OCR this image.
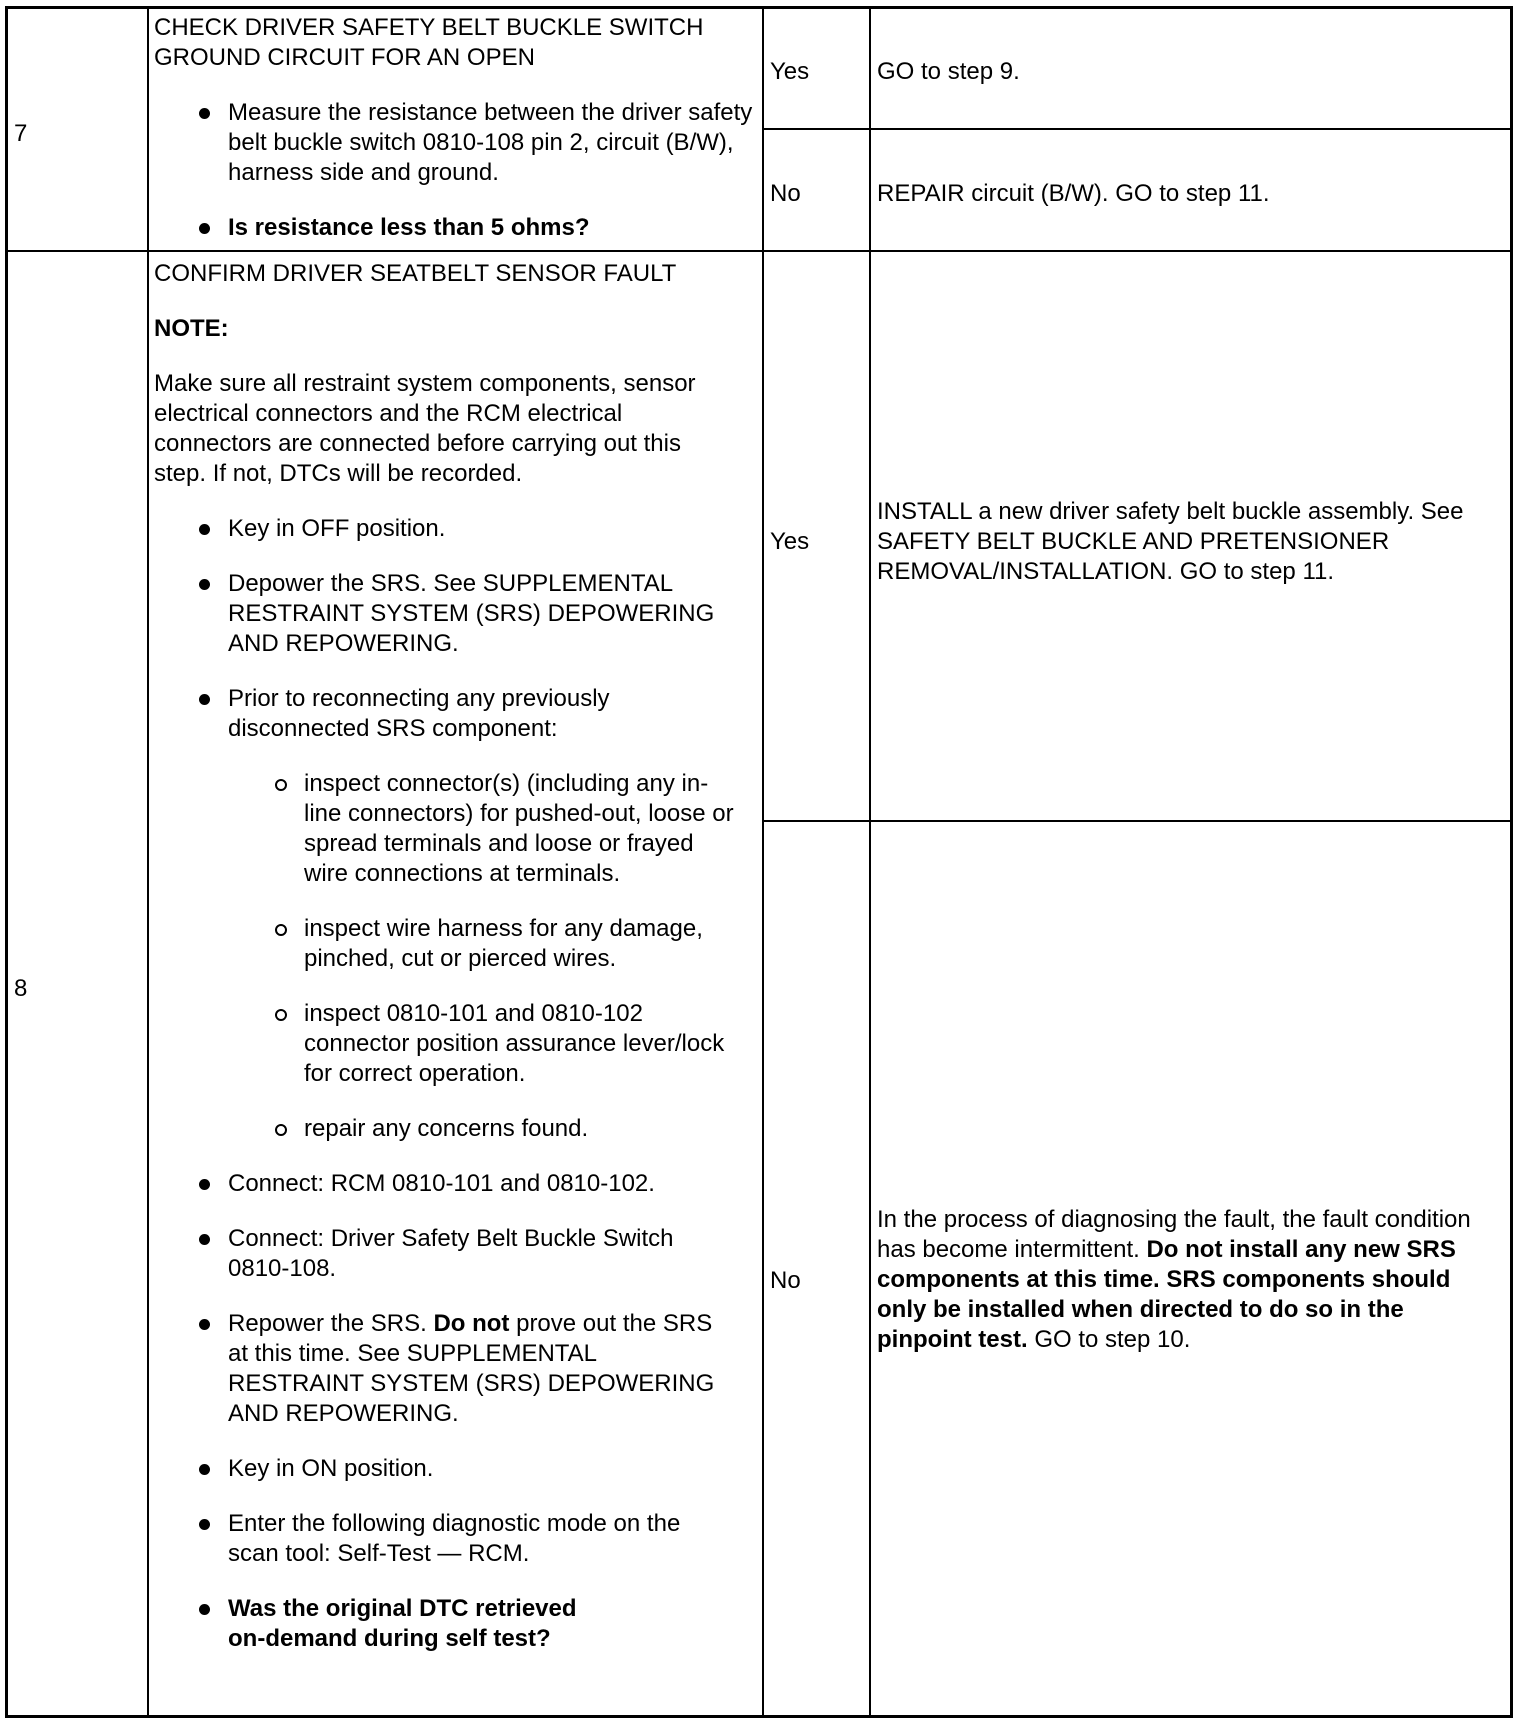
7

CHECK DRIVER SAFETY BELT BUCKLE SWITCH

GROUND CIRCUIT FOR AN OPEN

Measure the resistance between the driver safety belt buckle switch 0810-108 pin 2, circuit (B/W), harness side and ground.

Is resistance less than 5 ohms?

Yes	GO to step 9.
No	REPAIR circuit (B/W). GO to step 11.
8

CONFIRM DRIVER SEATBELT SENSOR FAULT

NOTE:

Make sure all restraint system components, sensor electrical connectors and the RCM electrical connectors are connected before carrying out this step. If not, DTCs will be recorded.

Key in OFF position.

Depower the SRS. See SUPPLEMENTAL RESTRAINT SYSTEM (SRS) DEPOWERING AND REPOWERING.

Prior to reconnecting any previously disconnected SRS component:

inspect connector(s) (including any in-line connectors) for pushed-out, loose or spread terminals and loose or frayed wire connections at terminals.

inspect wire harness for any damage, pinched, cut or pierced wires.

inspect 0810-101 and 0810-102 connector position assurance lever/lock for correct operation.

repair any concerns found.

Connect: RCM 0810-101 and 0810-102.

Connect: Driver Safety Belt Buckle Switch 0810-108.

Repower the SRS. Do not prove out the SRS at this time. See SUPPLEMENTAL RESTRAINT SYSTEM (SRS) DEPOWERING AND REPOWERING.

Key in ON position.

Enter the following diagnostic mode on the scan tool: Self-Test — RCM.

Was the original DTC retrieved on-demand during self test?

Yes
INSTALL a new driver safety belt buckle assembly. See SAFETY BELT BUCKLE AND PRETENSIONER REMOVAL/INSTALLATION. GO to step 11.
No
In the process of diagnosing the fault, the fault condition has become intermittent. Do not install any new SRS components at this time. SRS components should only be installed when directed to do so in the pinpoint test. GO to step 10.
